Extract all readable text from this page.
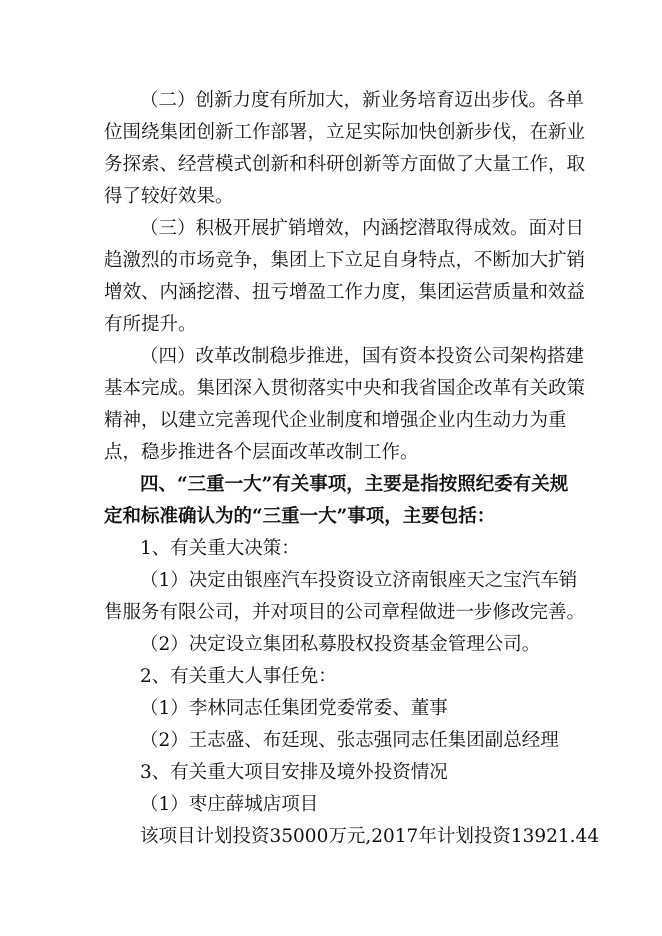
（二）创新力度有所加大，新业务培育迈出步伐。各单
位围绕集团创新工作部署，立足实际加快创新步伐，在新业
务探索、经营模式创新和科研创新等方面做了大量工作，取
得了较好效果。
（三）积极开展扩销增效，内涵挖潜取得成效。面对日
趋激烈的市场竞争，集团上下立足自身特点，不断加大扩销
增效、内涵挖潜、扭亏增盈工作力度，集团运营质量和效益
有所提升。
（四）改革改制稳步推进，国有资本投资公司架构搭建
基本完成。集团深入贯彻落实中央和我省国企改革有关政策
精神，以建立完善现代企业制度和增强企业内生动力为重
点，稳步推进各个层面改革改制工作。
四、“三重一大”有关事项，主要是指按照纪委有关规
定和标准确认为的“三重一大”事项，主要包括：
1、有关重大决策：
（1）决定由银座汽车投资设立济南银座天之宝汽车销
售服务有限公司，并对项目的公司章程做进一步修改完善。
（2）决定设立集团私募股权投资基金管理公司。
2、有关重大人事任免：
（1）李林同志任集团党委常委、董事
（2）王志盛、布廷现、张志强同志任集团副总经理
3、有关重大项目安排及境外投资情况
（1）枣庄薛城店项目
该项目计划投资35000万元,2017年计划投资13921.44
